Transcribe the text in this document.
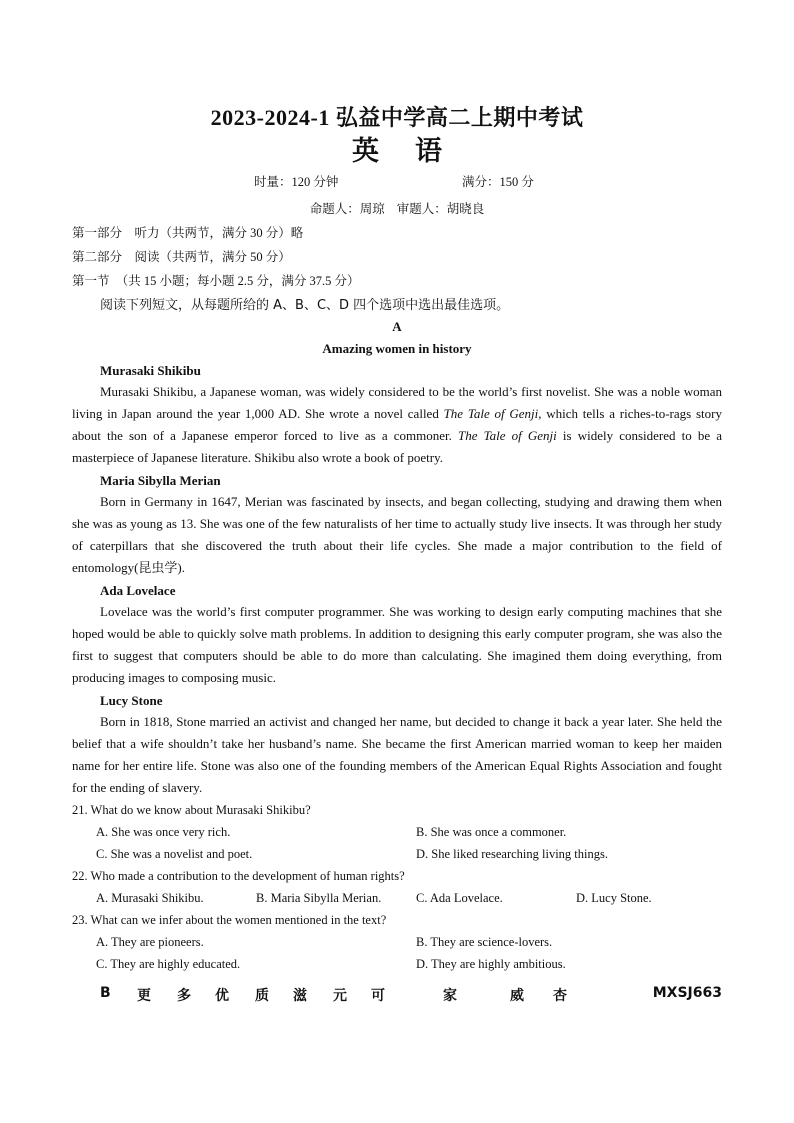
2023-2024-1 弘益中学高二上期中考试
英语
时量：120 分钟	满分：150 分
命题人：周琼 审题人：胡晓良
第一部分　听力（共两节，满分 30 分）略
第二部分　阅读（共两节，满分 50 分）
第一节　（共 15 小题；每小题 2.5 分，满分 37.5 分）
阅读下列短文，从每题所给的 A、B、C、D 四个选项中选出最佳选项。
A
Amazing women in history
Murasaki Shikibu

Murasaki Shikibu, a Japanese woman, was widely considered to be the world’s first novelist. She was a noble woman living in Japan around the year 1,000 AD. She wrote a novel called The Tale of Genji, which tells a riches-to-rags story about the son of a Japanese emperor forced to live as a commoner. The Tale of Genji is widely considered to be a masterpiece of Japanese literature. Shikibu also wrote a book of poetry.

Maria Sibylla Merian

Born in Germany in 1647, Merian was fascinated by insects, and began collecting, studying and drawing them when she was as young as 13. She was one of the few naturalists of her time to actually study live insects. It was through her study of caterpillars that she discovered the truth about their life cycles. She made a major contribution to the field of entomology(昆虫学).

Ada Lovelace

Lovelace was the world’s first computer programmer. She was working to design early computing machines that she hoped would be able to quickly solve math problems. In addition to designing this early computer program, she was also the first to suggest that computers should be able to do more than calculating. She imagined them doing everything, from producing images to composing music.

Lucy Stone

Born in 1818, Stone married an activist and changed her name, but decided to change it back a year later. She held the belief that a wife shouldn’t take her husband’s name. She became the first American married woman to keep her maiden name for her entire life. Stone was also one of the founding members of the American Equal Rights Association and fought for the ending of slavery.

21. What do we know about Murasaki Shikibu?
A. She was once very rich.	B. She was once a commoner.
C. She was a novelist and poet.	D. She liked researching living things.
22. Who made a contribution to the development of human rights?
A. Murasaki Shikibu.	B. Maria Sibylla Merian.	C. Ada Lovelace.	D. Lucy Stone.
23. What can we infer about the women mentioned in the text?
A. They are pioneers.	B. They are science-lovers.
C. They are highly educated.	D. They are highly ambitious.
B 更 多 优 质 滋 元 可	家	威 杏	MXSJ663
